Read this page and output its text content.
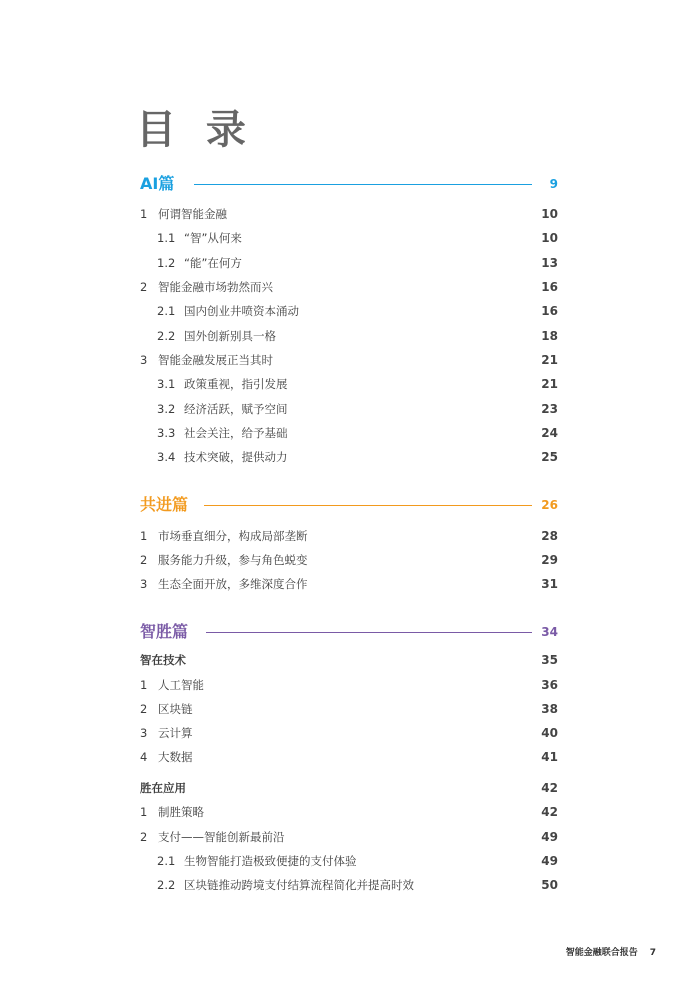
目 录
AI篇	9
1 何谓智能金融	10
1.1 “智”从何来	10
1.2 “能”在何方	13
2 智能金融市场勃然而兴	16
2.1 国内创业井喷资本涌动	16
2.2 国外创新别具一格	18
3 智能金融发展正当其时	21
3.1 政策重视，指引发展	21
3.2 经济活跃，赋予空间	23
3.3 社会关注，给予基础	24
3.4 技术突破，提供动力	25
共进篇	26
1 市场垂直细分，构成局部垄断	28
2 服务能力升级，参与角色蜕变	29
3 生态全面开放，多维深度合作	31
智胜篇	34
智在技术	35
1 人工智能	36
2 区块链	38
3 云计算	40
4 大数据	41
胜在应用	42
1 制胜策略	42
2 支付——智能创新最前沿	49
2.1 生物智能打造极致便捷的支付体验	49
2.2 区块链推动跨境支付结算流程简化并提高时效	50
智能金融联合报告 7
